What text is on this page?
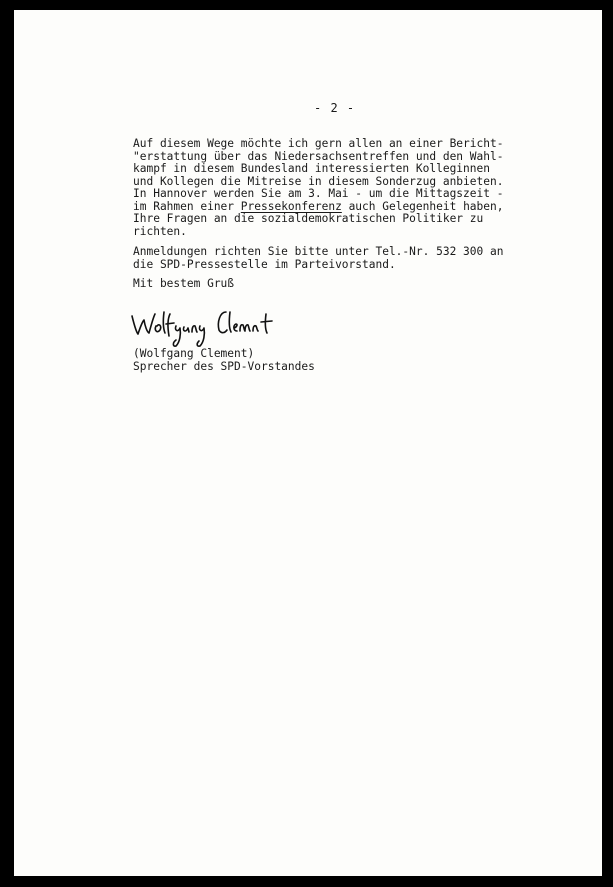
- 2 -
Auf diesem Wege möchte ich gern allen an einer Bericht-
"erstattung über das Niedersachsentreffen und den Wahl-
kampf in diesem Bundesland interessierten Kolleginnen
und Kollegen die Mitreise in diesem Sonderzug anbieten.
In Hannover werden Sie am 3. Mai - um die Mittagszeit -
im Rahmen einer Pressekonferenz auch Gelegenheit haben,
Ihre Fragen an die sozialdemokratischen Politiker zu
richten.
Anmeldungen richten Sie bitte unter Tel.-Nr. 532 300 an
die SPD-Pressestelle im Parteivorstand.
Mit bestem Gruß
(Wolfgang Clement)
Sprecher des SPD-Vorstandes
